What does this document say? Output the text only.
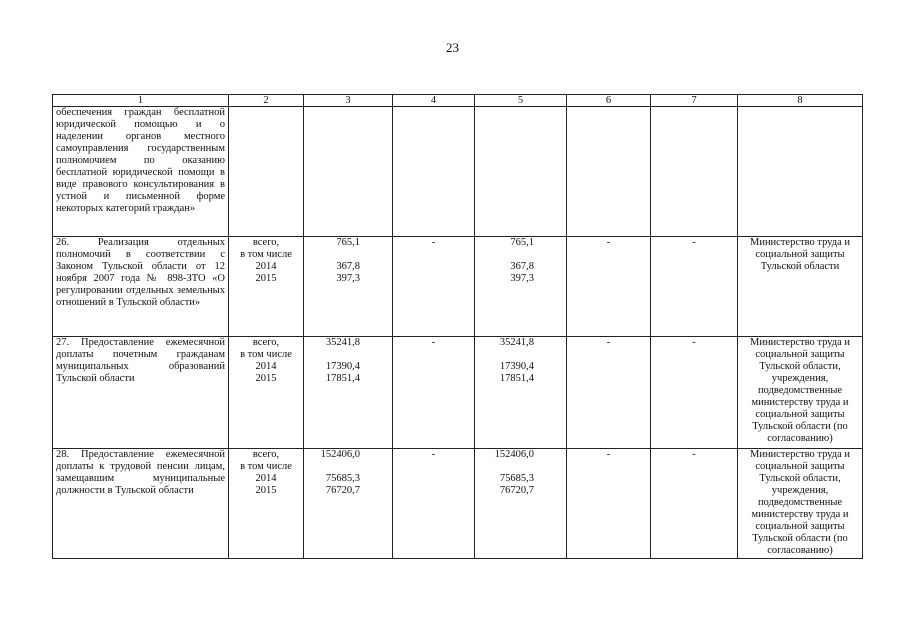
23
1	2	3	4	5	6	7	8
обеспечения граждан бесплатной юридической помощью и о наделении органов местного самоуправления государственным полномочием по оказанию бесплатной юридической помощи в виде правового консультирования в устной и письменной форме некоторых категорий граждан»							
26. Реализация отдельных полномочий в соответствии с Законом Тульской области от 12 ноября 2007 года № 898-ЗТО «О регулировании отдельных земельных отношений в Тульской области»	всего,
в том числе
2014
2015	765,1

367,8
397,3	-	765,1

367,8
397,3	-	-	Министерство труда и социальной защиты Тульской области
27. Предоставление ежемесячной доплаты почетным гражданам муниципальных образований Тульской области	всего,
в том числе
2014
2015	35241,8

17390,4
17851,4	-	35241,8

17390,4
17851,4	-	-	Министерство труда и социальной защиты Тульской области, учреждения, подведомственные министерству труда и социальной защиты Тульской области (по согласованию)
28. Предоставление ежемесячной доплаты к трудовой пенсии лицам, замещавшим муниципальные должности в Тульской области	всего,
в том числе
2014
2015	152406,0

75685,3
76720,7	-	152406,0

75685,3
76720,7	-	-	Министерство труда и социальной защиты Тульской области, учреждения, подведомственные министерству труда и социальной защиты Тульской области (по согласованию)
